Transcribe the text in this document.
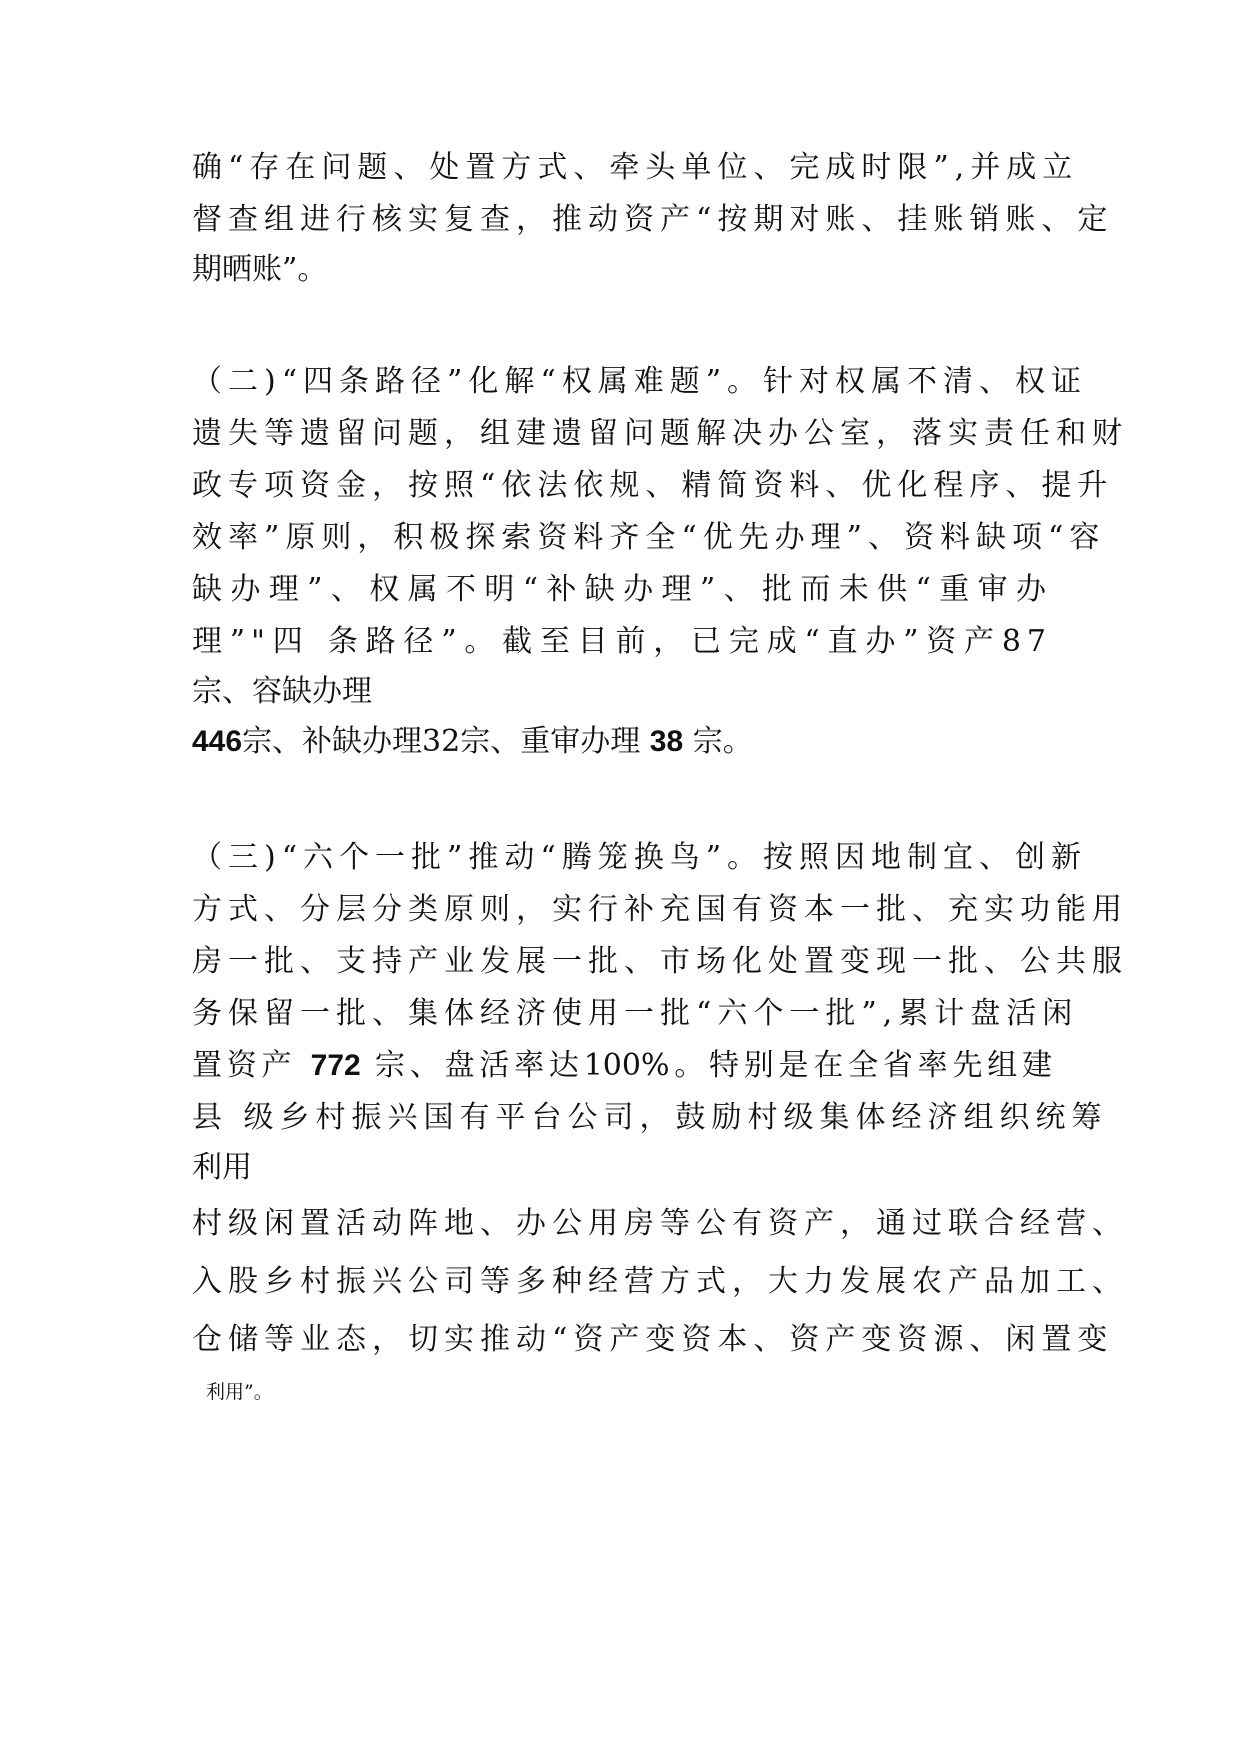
确“存在问题、处置方式、牵头单位、完成时限”,并成立
督查组进行核实复查，推动资产“按期对账、挂账销账、定
期晒账”。
（二)“四条路径”化解“权属难题”。针对权属不清、权证
遗失等遗留问题，组建遗留问题解决办公室，落实责任和财
政专项资金，按照“依法依规、精简资料、优化程序、提升
效率”原则，积极探索资料齐全“优先办理”、资料缺项“容
缺办理”、权属不明“补缺办理”、批而未供“重审办
理”"四 条路径”。截至目前，已完成“直办”资产87
宗、容缺办理
446宗、补缺办理32宗、重审办理 38 宗。
（三)“六个一批”推动“腾笼换鸟”。按照因地制宜、创新
方式、分层分类原则，实行补充国有资本一批、充实功能用
房一批、支持产业发展一批、市场化处置变现一批、公共服
务保留一批、集体经济使用一批“六个一批”,累计盘活闲
置资产 772 宗、盘活率达100%。特别是在全省率先组建
县 级乡村振兴国有平台公司，鼓励村级集体经济组织统筹
利用
村级闲置活动阵地、办公用房等公有资产，通过联合经营、
入股乡村振兴公司等多种经营方式，大力发展农产品加工、
仓储等业态，切实推动“资产变资本、资产变资源、闲置变
利用”。
